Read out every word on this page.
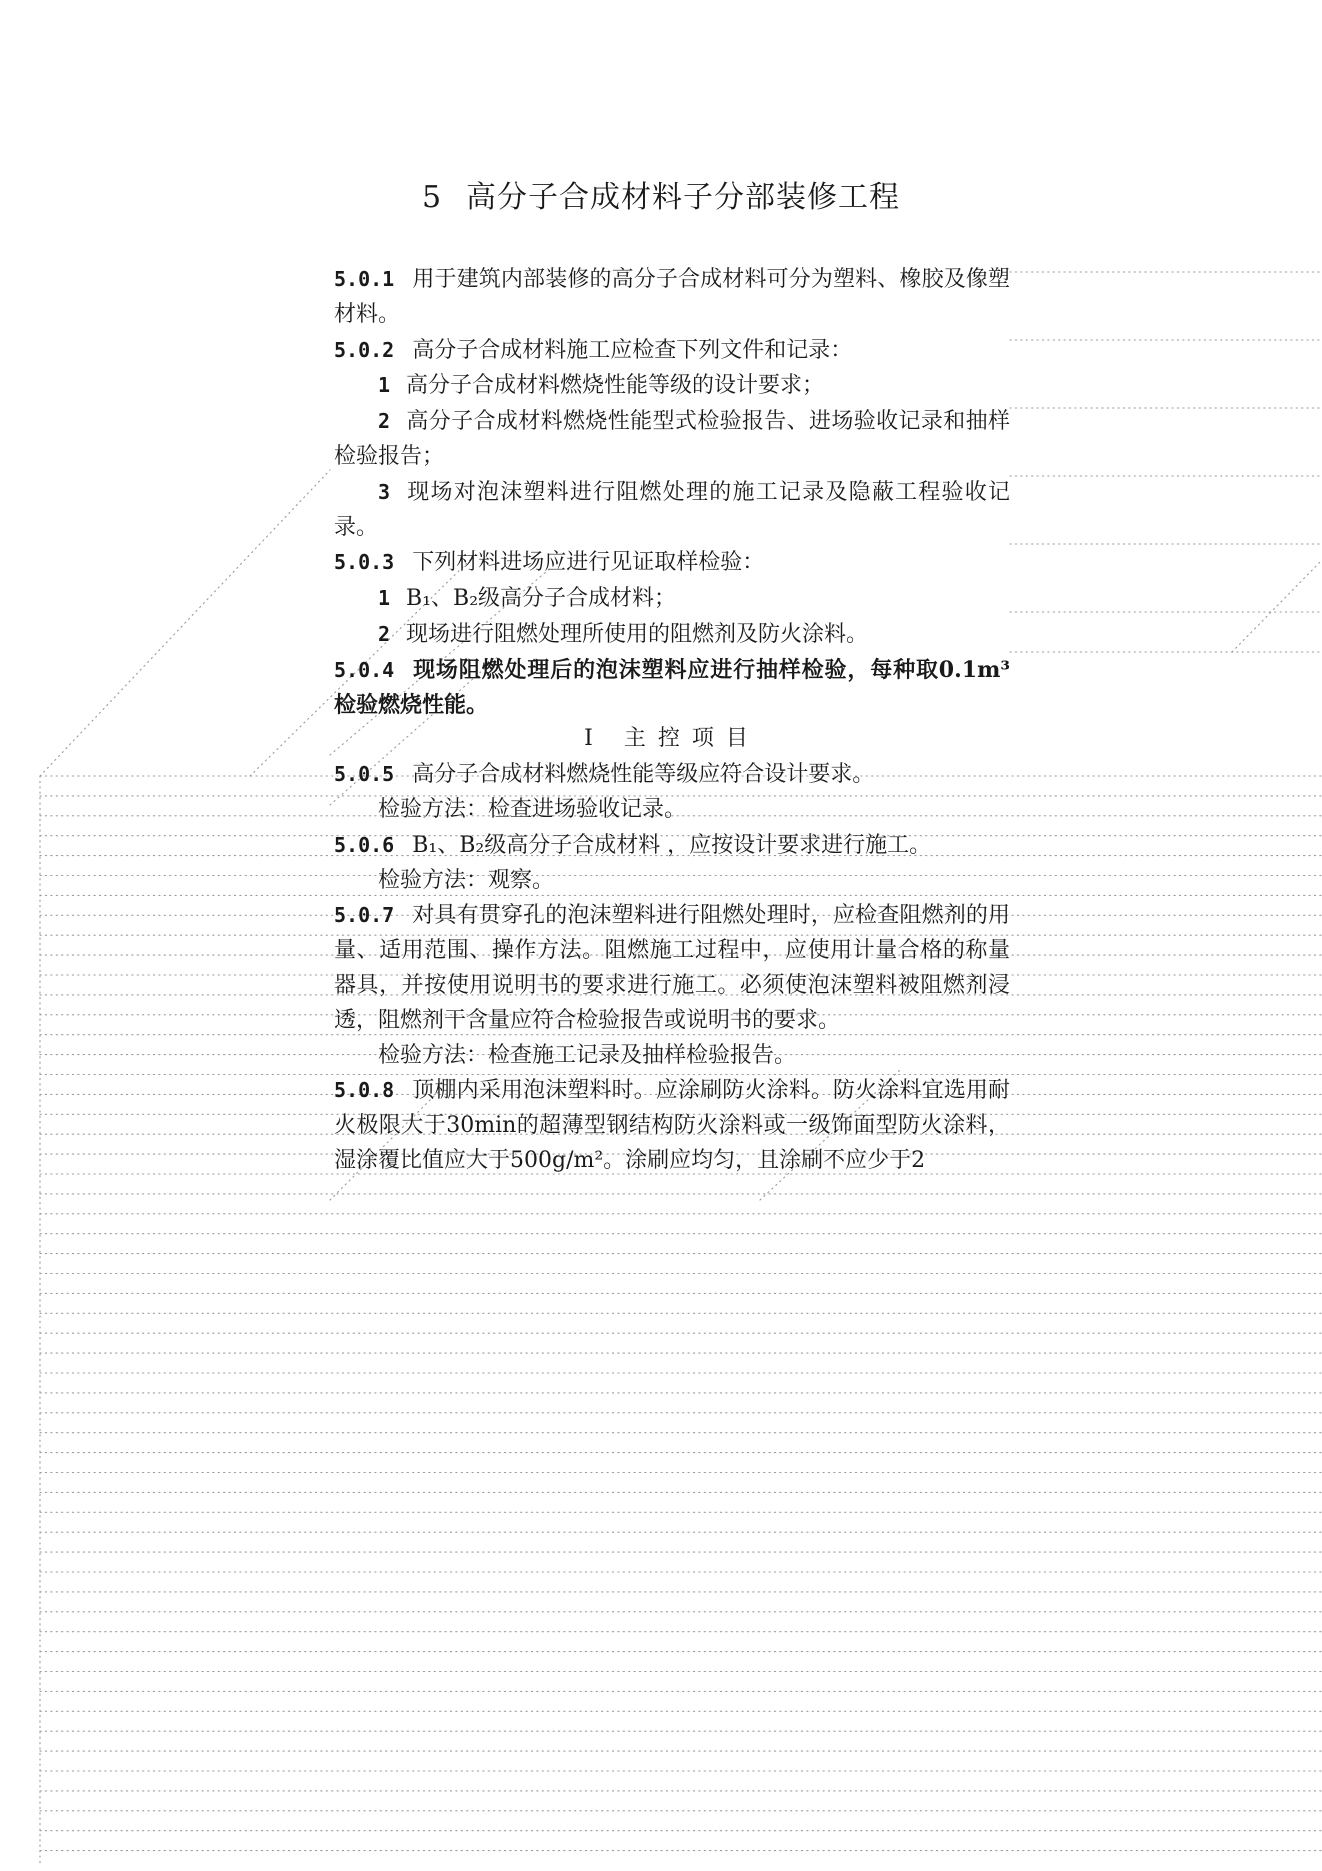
5 高分子合成材料子分部装修工程

5.0.1 用于建筑内部装修的高分子合成材料可分为塑料、橡胶及像塑材料。

5.0.2 高分子合成材料施工应检查下列文件和记录：

1 高分子合成材料燃烧性能等级的设计要求；

2 高分子合成材料燃烧性能型式检验报告、进场验收记录和抽样检验报告；

3 现场对泡沫塑料进行阻燃处理的施工记录及隐蔽工程验收记录。

5.0.3 下列材料进场应进行见证取样检验：

1 B₁、B₂级高分子合成材料；

2 现场进行阻燃处理所使用的阻燃剂及防火涂料。

5.0.4 现场阻燃处理后的泡沫塑料应进行抽样检验，每种取0.1m³检验燃烧性能。

Ⅰ 主控项目

5.0.5 高分子合成材料燃烧性能等级应符合设计要求。

检验方法：检查进场验收记录。

5.0.6 B₁、B₂级高分子合成材料 ，应按设计要求进行施工。

检验方法：观察。

5.0.7 对具有贯穿孔的泡沫塑料进行阻燃处理时，应检查阻燃剂的用量、适用范围、操作方法。阻燃施工过程中，应使用计量合格的称量器具，并按使用说明书的要求进行施工。必须使泡沫塑料被阻燃剂浸透，阻燃剂干含量应符合检验报告或说明书的要求。

检验方法：检查施工记录及抽样检验报告。

5.0.8 顶棚内采用泡沫塑料时。应涂刷防火涂料。防火涂料宜选用耐火极限大于30min的超薄型钢结构防火涂料或一级饰面型防火涂料，湿涂覆比值应大于500g/m²。涂刷应均匀，且涂刷不应少于2
